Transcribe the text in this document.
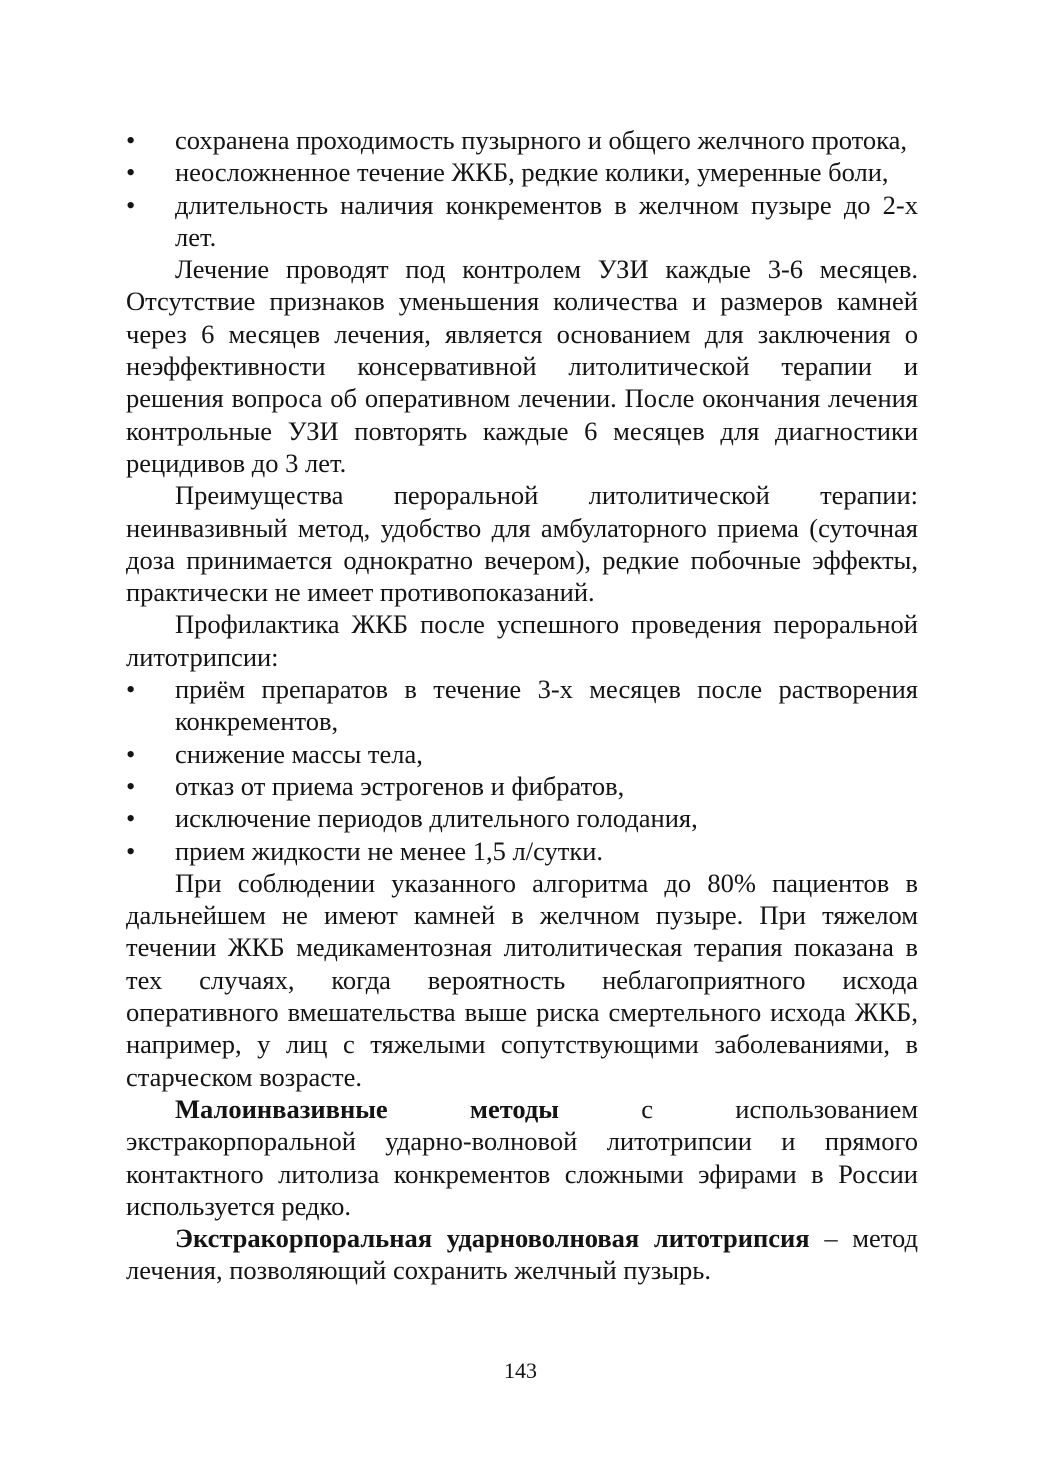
• сохранена проходимость пузырного и общего желчного протока,
• неосложненное течение ЖКБ, редкие колики, умеренные боли,
• длительность наличия конкрементов в желчном пузыре до 2-х лет.

Лечение проводят под контролем УЗИ каждые 3-6 месяцев. Отсутствие признаков уменьшения количества и размеров камней через 6 месяцев лечения, является основанием для заключения о неэффективности консервативной литолитической терапии и решения вопроса об оперативном лечении. После окончания лечения контрольные УЗИ повторять каждые 6 месяцев для диагностики рецидивов до 3 лет.

Преимущества пероральной литолитической терапии: неинвазивный метод, удобство для амбулаторного приема (суточная доза принимается однократно вечером), редкие побочные эффекты, практически не имеет противопоказаний.

Профилактика ЖКБ после успешного проведения пероральной литотрипсии:

• приём препаратов в течение 3-х месяцев после растворения конкрементов,
• снижение массы тела,
• отказ от приема эстрогенов и фибратов,
• исключение периодов длительного голодания,
• прием жидкости не менее 1,5 л/сутки.

При соблюдении указанного алгоритма до 80% пациентов в дальнейшем не имеют камней в желчном пузыре. При тяжелом течении ЖКБ медикаментозная литолитическая терапия показана в тех случаях, когда вероятность неблагоприятного исхода оперативного вмешательства выше риска смертельного исхода ЖКБ, например, у лиц с тяжелыми сопутствующими заболеваниями, в старческом возрасте.

Малоинвазивные методы с использованием экстракорпоральной ударно-волновой литотрипсии и прямого контактного литолиза конкрементов сложными эфирами в России используется редко.

Экстракорпоральная ударноволновая литотрипсия – метод лечения, позволяющий сохранить желчный пузырь.

143
